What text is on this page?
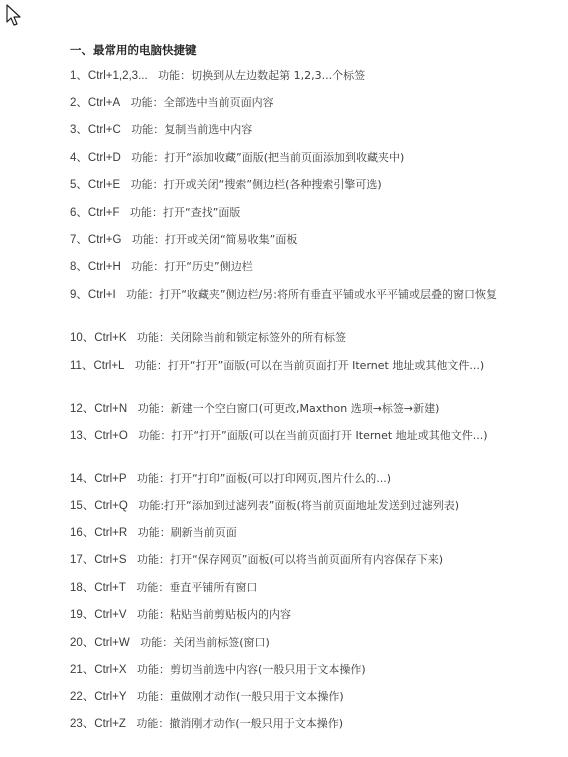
一、最常用的电脑快捷键
1、Ctrl+1,2,3...   功能：切换到从左边数起第 1,2,3...个标签
2、Ctrl+A   功能：全部选中当前页面内容
3、Ctrl+C   功能：复制当前选中内容
4、Ctrl+D   功能：打开“添加收藏”面版(把当前页面添加到收藏夹中)
5、Ctrl+E   功能：打开或关闭“搜索”侧边栏(各种搜索引擎可选)
6、Ctrl+F   功能：打开“查找”面版
7、Ctrl+G   功能：打开或关闭“简易收集”面板
8、Ctrl+H   功能：打开“历史”侧边栏
9、Ctrl+I   功能：打开“收藏夹”侧边栏/另:将所有垂直平铺或水平平铺或层叠的窗口恢复
10、Ctrl+K   功能：关闭除当前和锁定标签外的所有标签
11、Ctrl+L   功能：打开“打开”面版(可以在当前页面打开 Iternet 地址或其他文件...)
12、Ctrl+N   功能：新建一个空白窗口(可更改,Maxthon 选项→标签→新建)
13、Ctrl+O   功能：打开“打开”面版(可以在当前页面打开 Iternet 地址或其他文件...)
14、Ctrl+P   功能：打开“打印”面板(可以打印网页,图片什么的...)
15、Ctrl+Q   功能:打开“添加到过滤列表”面板(将当前页面地址发送到过滤列表)
16、Ctrl+R   功能：刷新当前页面
17、Ctrl+S   功能：打开“保存网页”面板(可以将当前页面所有内容保存下来)
18、Ctrl+T   功能：垂直平铺所有窗口
19、Ctrl+V   功能：粘贴当前剪贴板内的内容
20、Ctrl+W   功能：关闭当前标签(窗口)
21、Ctrl+X   功能：剪切当前选中内容(一般只用于文本操作)
22、Ctrl+Y   功能：重做刚才动作(一般只用于文本操作)
23、Ctrl+Z   功能：撤消刚才动作(一般只用于文本操作)
